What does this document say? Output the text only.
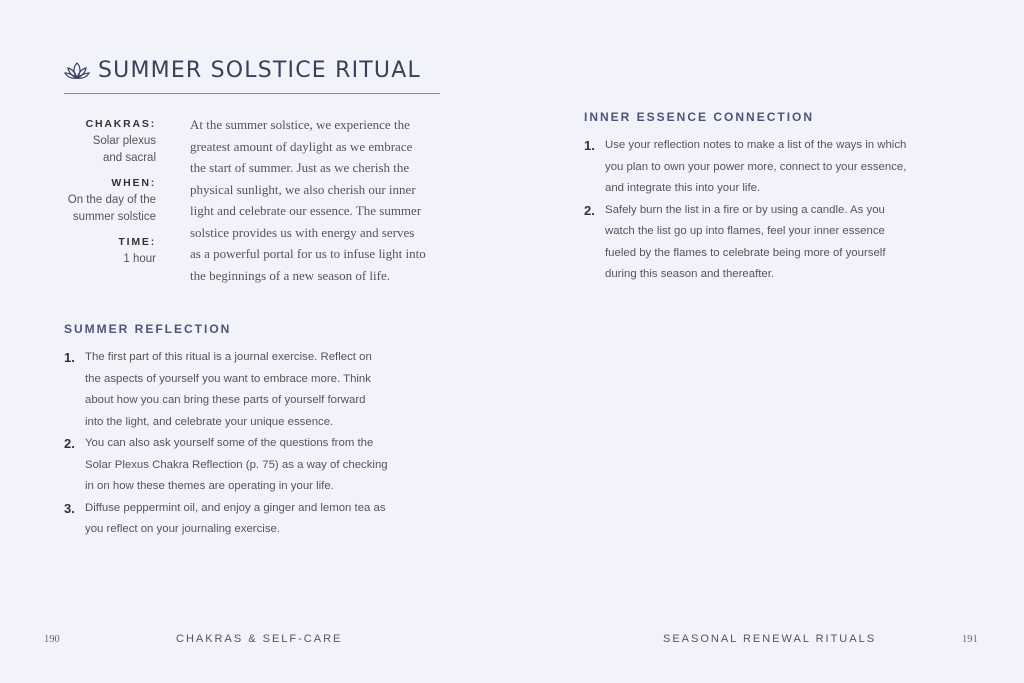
SUMMER SOLSTICE RITUAL
CHAKRAS:
Solar plexus and sacral
WHEN:
On the day of the summer solstice
TIME:
1 hour
At the summer solstice, we experience the
greatest amount of daylight as we embrace
the start of summer. Just as we cherish the
physical sunlight, we also cherish our inner
light and celebrate our essence. The summer
solstice provides us with energy and serves
as a powerful portal for us to infuse light into
the beginnings of a new season of life.
SUMMER REFLECTION
1. The first part of this ritual is a journal exercise. Reflect on
the aspects of yourself you want to embrace more. Think
about how you can bring these parts of yourself forward
into the light, and celebrate your unique essence.
2. You can also ask yourself some of the questions from the
Solar Plexus Chakra Reflection (p. 75) as a way of checking
in on how these themes are operating in your life.
3. Diffuse peppermint oil, and enjoy a ginger and lemon tea as
you reflect on your journaling exercise.
190	CHAKRAS & SELF-CARE
INNER ESSENCE CONNECTION
1. Use your reflection notes to make a list of the ways in which
you plan to own your power more, connect to your essence,
and integrate this into your life.
2. Safely burn the list in a fire or by using a candle. As you
watch the list go up into flames, feel your inner essence
fueled by the flames to celebrate being more of yourself
during this season and thereafter.
SEASONAL RENEWAL RITUALS	191
